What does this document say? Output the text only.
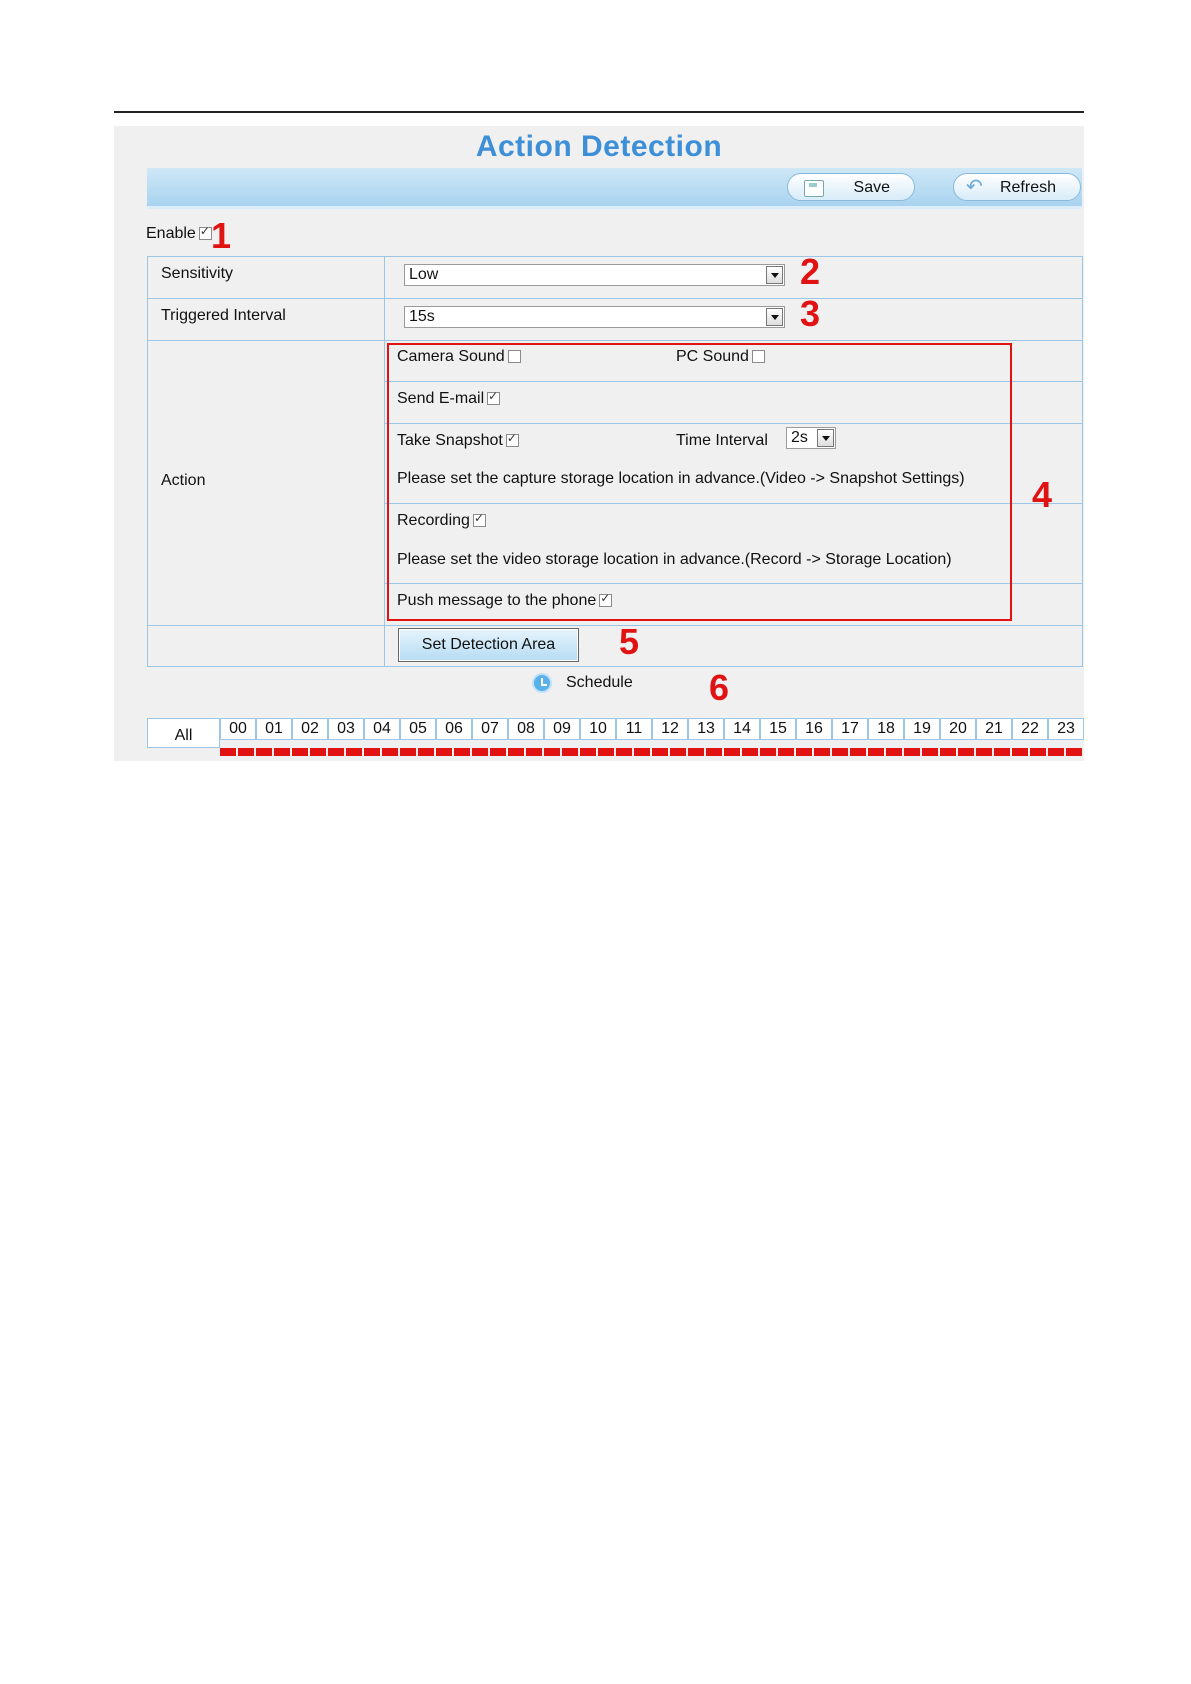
Action Detection
Save	↶ Refresh
Enable ✓ 1
Sensitivity	Low	2
Triggered Interval	15s	3
Action
Camera Sound	PC Sound
Send E-mail✓
Take Snapshot ✓	Time Interval	2s
Please set the capture storage location in advance.(Video -> Snapshot Settings)
Recording✓
Please set the video storage location in advance.(Record -> Storage Location)
Push message to the phone✓
4
Set Detection Area	5
Schedule 6
All	00	01	02	03	04	05	06	07	08	09	10	11	12	13	14	15	16	17	18	19	20	21	22	23
